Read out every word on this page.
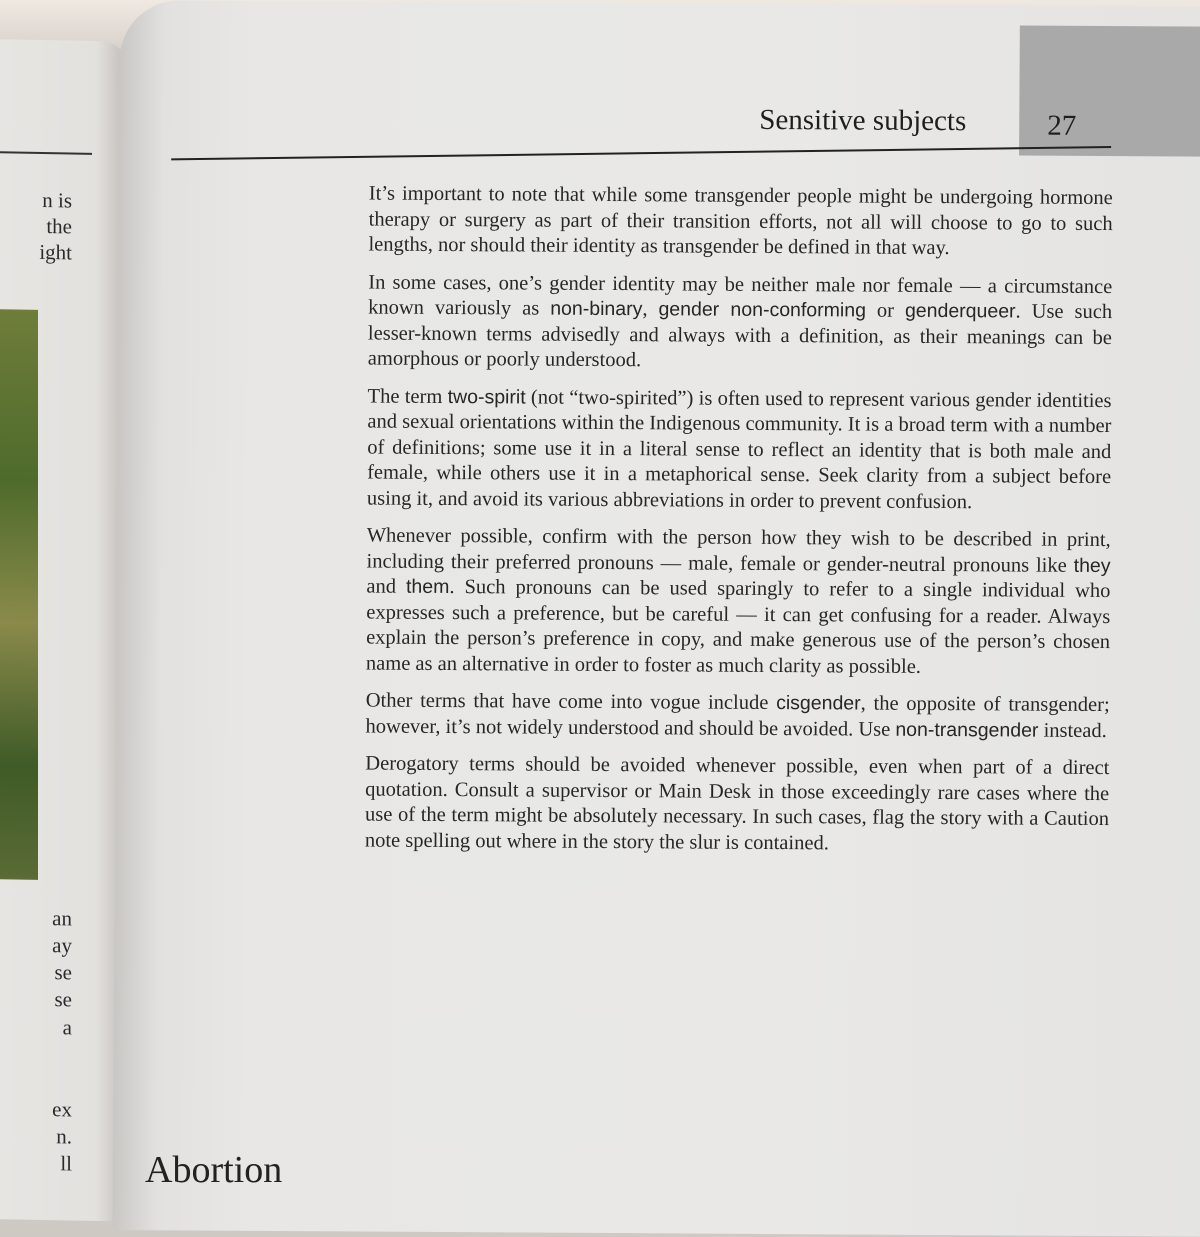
n is
the
ight
an
ay
se
se
a
ex
n.
ll
Sensitive subjects	27

It’s important to note that while some transgender people might be undergoing hormone therapy or surgery as part of their transition efforts, not all will choose to go to such lengths, nor should their identity as transgender be defined in that way.

In some cases, one’s gender identity may be neither male nor female — a circumstance known variously as non-binary, gender non-conforming or genderqueer. Use such lesser-known terms advisedly and always with a definition, as their meanings can be amorphous or poorly understood.

The term two-spirit (not “two-spirited”) is often used to represent various gender identities and sexual orientations within the Indigenous community. It is a broad term with a number of definitions; some use it in a literal sense to reflect an identity that is both male and female, while others use it in a metaphorical sense. Seek clarity from a subject before using it, and avoid its various abbreviations in order to prevent confusion.

Whenever possible, confirm with the person how they wish to be described in print, including their preferred pronouns — male, female or gender-neutral pronouns like they and them. Such pronouns can be used sparingly to refer to a single individual who expresses such a preference, but be careful — it can get confusing for a reader. Always explain the person’s preference in copy, and make generous use of the person’s chosen name as an alternative in order to foster as much clarity as possible.

Other terms that have come into vogue include cisgender, the opposite of transgender; however, it’s not widely understood and should be avoided. Use non-transgender instead.

Derogatory terms should be avoided whenever possible, even when part of a direct quotation. Consult a supervisor or Main Desk in those exceedingly rare cases where the use of the term might be absolutely necessary. In such cases, flag the story with a Caution note spelling out where in the story the slur is contained.

Abortion
